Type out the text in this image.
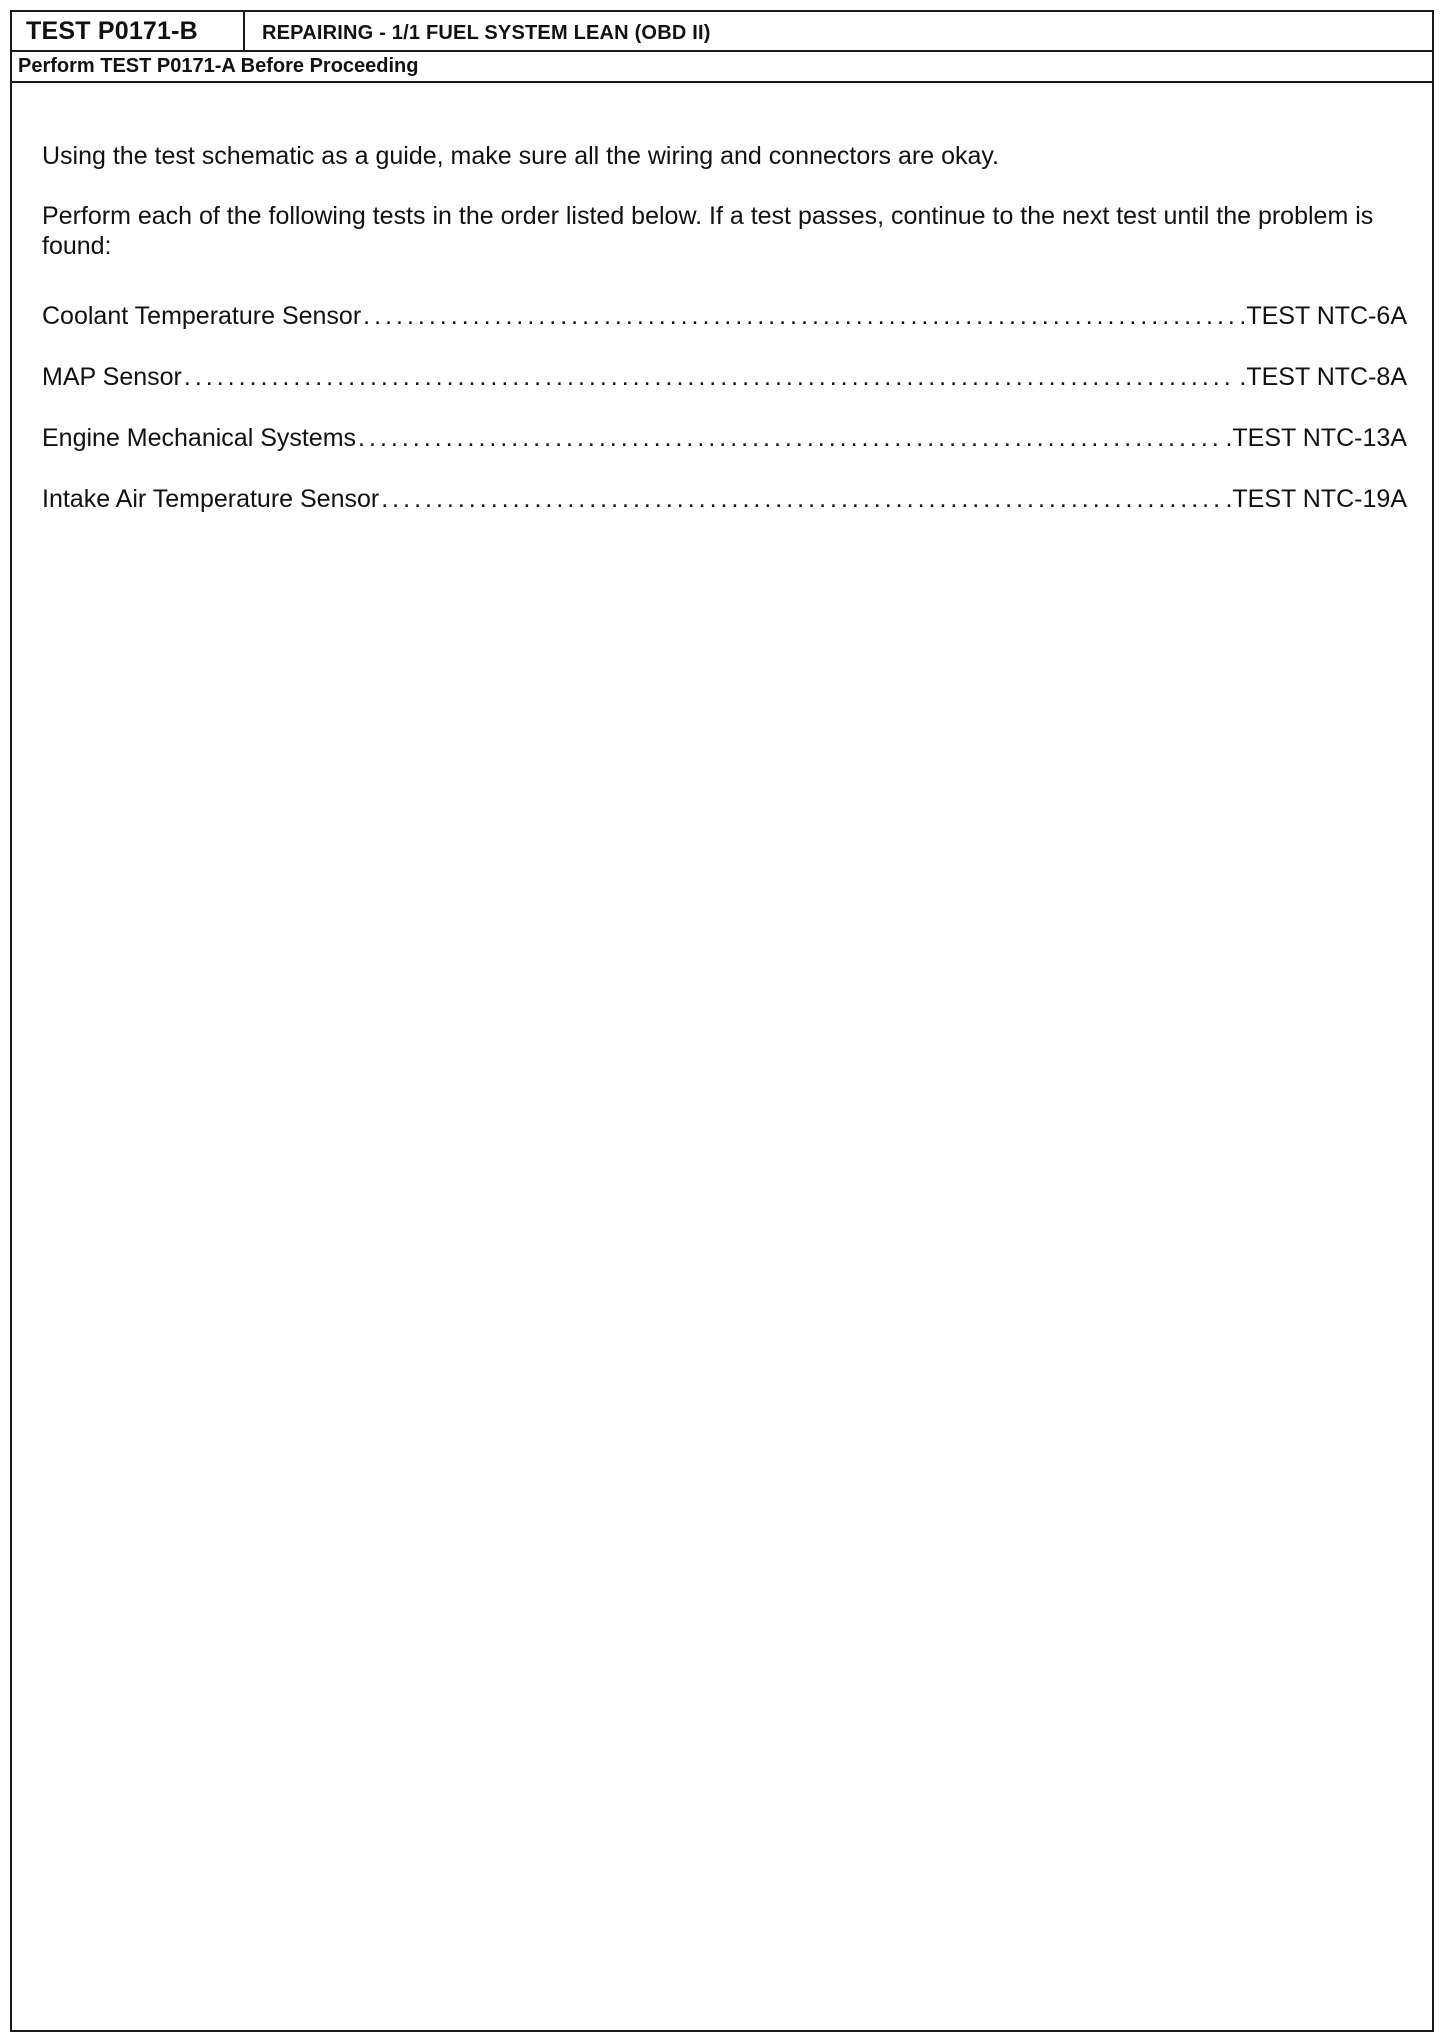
TEST P0171-B	REPAIRING - 1/1 FUEL SYSTEM LEAN (OBD II)
Perform TEST P0171-A Before Proceeding

Using the test schematic as a guide, make sure all the wiring and connectors are okay.

Perform each of the following tests in the order listed below. If a test passes, continue to the next test until the problem is found:

Coolant Temperature Sensor .....	.TEST NTC-6A
MAP Sensor .....	.TEST NTC-8A
Engine Mechanical Systems .....	.TEST NTC-13A
Intake Air Temperature Sensor .....	.TEST NTC-19A
